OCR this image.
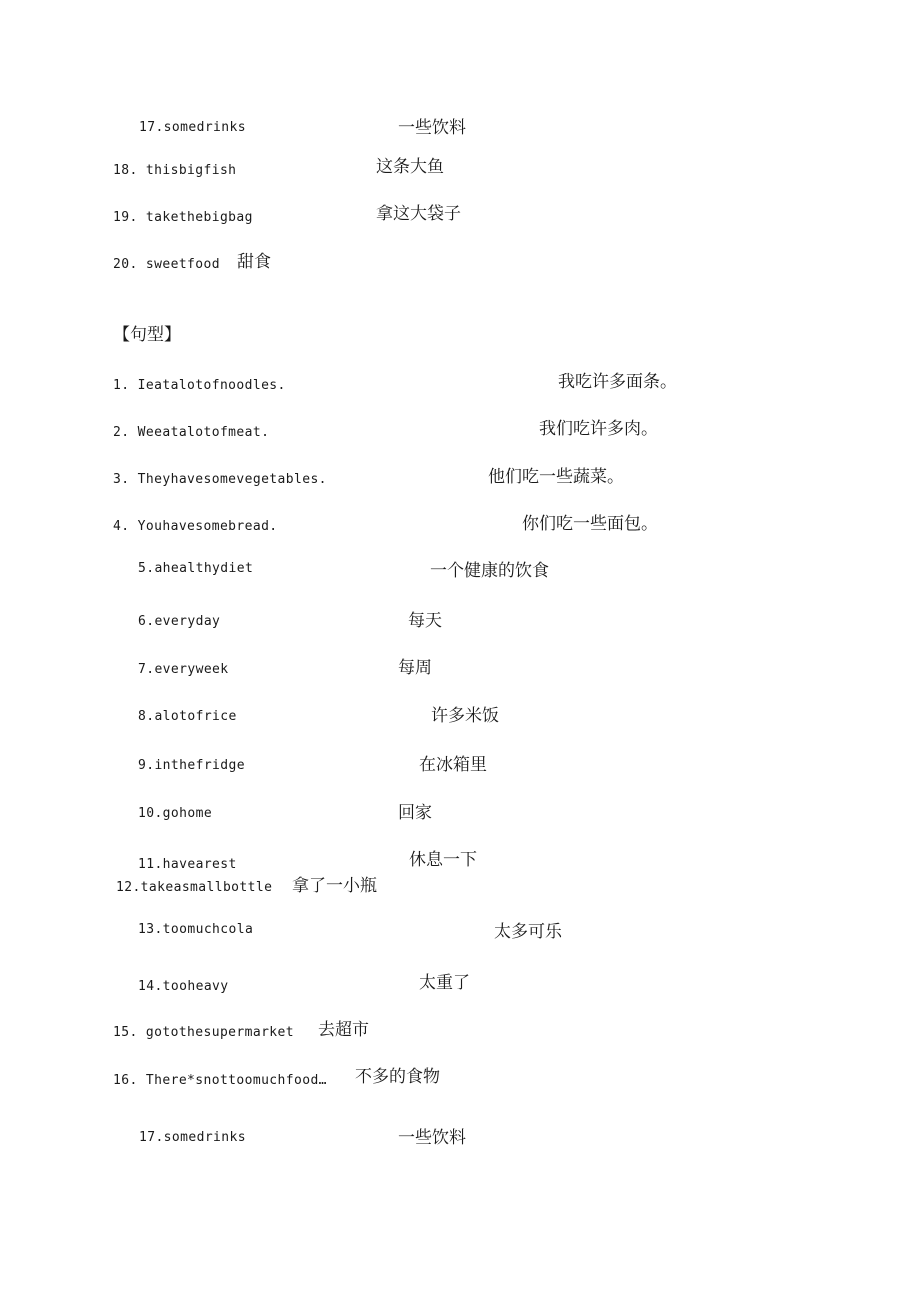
17.somedrinks	一些饮料
18. thisbigfish	这条大鱼
19. takethebigbag	拿这大袋子
20. sweetfood 甜食
【句型】
1. Ieatalotofnoodles.	我吃许多面条。
2. Weeatalotofmeat.	我们吃许多肉。
3. Theyhavesomevegetables.	他们吃一些蔬菜。
4. Youhavesomebread.	你们吃一些面包。
5.ahealthydiet	一个健康的饮食
6.everyday	每天
7.everyweek	每周
8.alotofrice	许多米饭
9.inthefridge	在冰箱里
10.gohome	回家
11.havearest	休息一下
12.takeasmallbottle 拿了一小瓶
13.toomuchcola	太多可乐
14.tooheavy	太重了
15. gotothesupermarket 去超市
16. There*snottoomuchfood… 不多的食物
17.somedrinks	一些饮料
